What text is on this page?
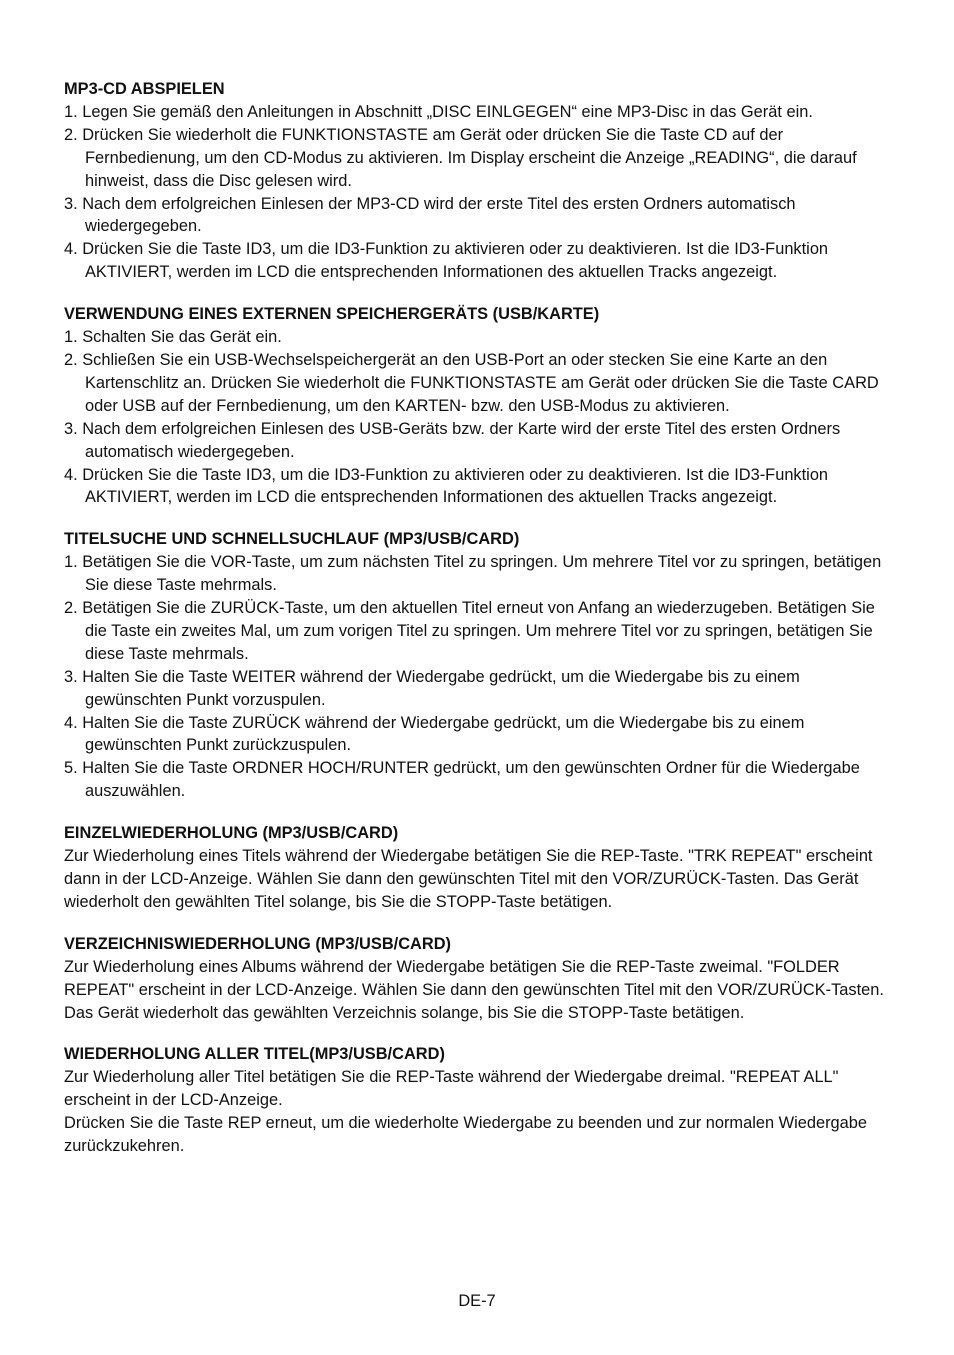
MP3-CD ABSPIELEN
1. Legen Sie gemäß den Anleitungen in Abschnitt „DISC EINLGEGEN“ eine MP3-Disc in das Gerät ein.
2. Drücken Sie wiederholt die FUNKTIONSTASTE am Gerät oder drücken Sie die Taste CD auf der Fernbedienung, um den CD-Modus zu aktivieren. Im Display erscheint die Anzeige „READING“, die darauf hinweist, dass die Disc gelesen wird.
3. Nach dem erfolgreichen Einlesen der MP3-CD wird der erste Titel des ersten Ordners automatisch wiedergegeben.
4. Drücken Sie die Taste ID3, um die ID3-Funktion zu aktivieren oder zu deaktivieren. Ist die ID3-Funktion AKTIVIERT, werden im LCD die entsprechenden Informationen des aktuellen Tracks angezeigt.
VERWENDUNG EINES EXTERNEN SPEICHERGERÄTS (USB/KARTE)
1. Schalten Sie das Gerät ein.
2. Schließen Sie ein USB-Wechselspeichergerät an den USB-Port an oder stecken Sie eine Karte an den Kartenschlitz an. Drücken Sie wiederholt die FUNKTIONSTASTE am Gerät oder drücken Sie die Taste CARD oder USB auf der Fernbedienung, um den KARTEN- bzw. den USB-Modus zu aktivieren.
3. Nach dem erfolgreichen Einlesen des USB-Geräts bzw. der Karte wird der erste Titel des ersten Ordners automatisch wiedergegeben.
4. Drücken Sie die Taste ID3, um die ID3-Funktion zu aktivieren oder zu deaktivieren. Ist die ID3-Funktion AKTIVIERT, werden im LCD die entsprechenden Informationen des aktuellen Tracks angezeigt.
TITELSUCHE UND SCHNELLSUCHLAUF (MP3/USB/CARD)
1. Betätigen Sie die VOR-Taste, um zum nächsten Titel zu springen. Um mehrere Titel vor zu springen, betätigen Sie diese Taste mehrmals.
2. Betätigen Sie die ZURÜCK-Taste, um den aktuellen Titel erneut von Anfang an wiederzugeben. Betätigen Sie die Taste ein zweites Mal, um zum vorigen Titel zu springen. Um mehrere Titel vor zu springen, betätigen Sie diese Taste mehrmals.
3. Halten Sie die Taste WEITER während der Wiedergabe gedrückt, um die Wiedergabe bis zu einem gewünschten Punkt vorzuspulen.
4. Halten Sie die Taste ZURÜCK während der Wiedergabe gedrückt, um die Wiedergabe bis zu einem gewünschten Punkt zurückzuspulen.
5. Halten Sie die Taste ORDNER HOCH/RUNTER gedrückt, um den gewünschten Ordner für die Wiedergabe auszuwählen.
EINZELWIEDERHOLUNG (MP3/USB/CARD)
Zur Wiederholung eines Titels während der Wiedergabe betätigen Sie die REP-Taste. "TRK REPEAT" erscheint dann in der LCD-Anzeige. Wählen Sie dann den gewünschten Titel mit den VOR/ZURÜCK-Tasten. Das Gerät wiederholt den gewählten Titel solange, bis Sie die STOPP-Taste betätigen.
VERZEICHNISWIEDERHOLUNG (MP3/USB/CARD)
Zur Wiederholung eines Albums während der Wiedergabe betätigen Sie die REP-Taste zweimal. "FOLDER REPEAT" erscheint in der LCD-Anzeige. Wählen Sie dann den gewünschten Titel mit den VOR/ZURÜCK-Tasten. Das Gerät wiederholt das gewählten Verzeichnis solange, bis Sie die STOPP-Taste betätigen.
WIEDERHOLUNG ALLER TITEL(MP3/USB/CARD)
Zur Wiederholung aller Titel betätigen Sie die REP-Taste während der Wiedergabe dreimal. "REPEAT ALL" erscheint in der LCD-Anzeige.
Drücken Sie die Taste REP erneut, um die wiederholte Wiedergabe zu beenden und zur normalen Wiedergabe zurückzukehren.
DE-7
